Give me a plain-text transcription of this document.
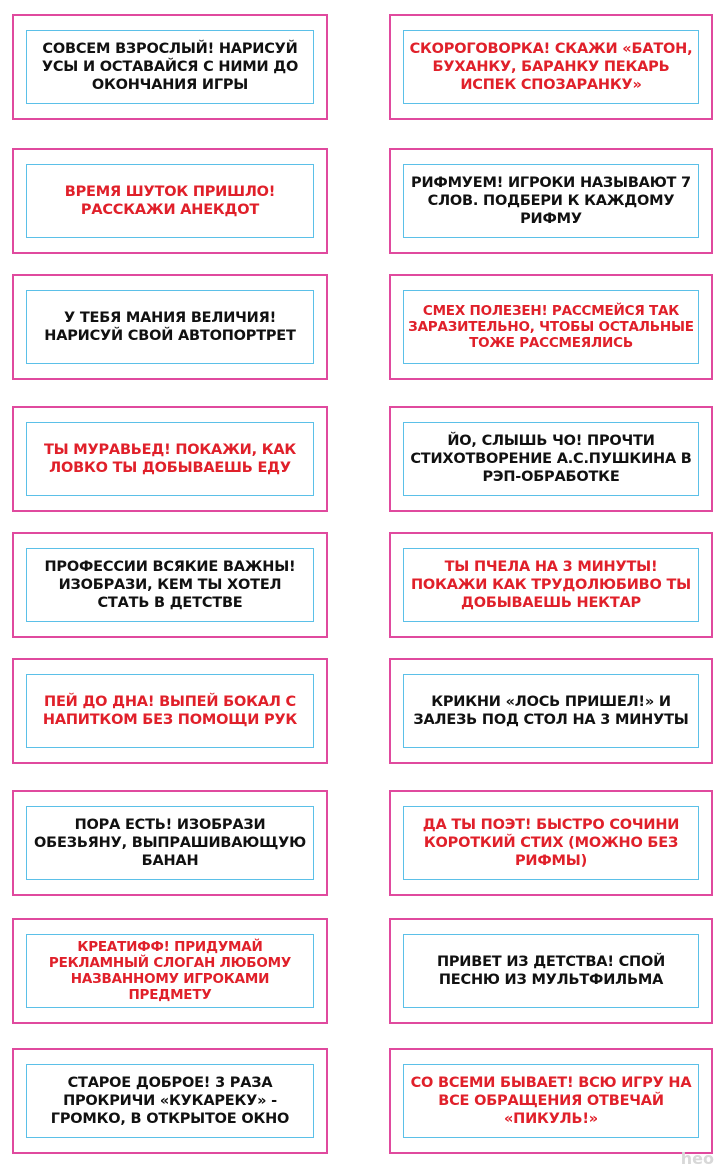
СОВСЕМ ВЗРОСЛЫЙ! НАРИСУЙ УСЫ И ОСТАВАЙСЯ С НИМИ ДО ОКОНЧАНИЯ ИГРЫ
СКОРОГОВОРКА! СКАЖИ «БАТОН, БУХАНКУ, БАРАНКУ ПЕКАРЬ ИСПЕК СПОЗАРАНКУ»
ВРЕМЯ ШУТОК ПРИШЛО! РАССКАЖИ АНЕКДОТ
РИФМУЕМ! ИГРОКИ НАЗЫВАЮТ 7 СЛОВ. ПОДБЕРИ К КАЖДОМУ РИФМУ
У ТЕБЯ МАНИЯ ВЕЛИЧИЯ! НАРИСУЙ СВОЙ АВТОПОРТРЕТ
СМЕХ ПОЛЕЗЕН! РАССМЕЙСЯ ТАК ЗАРАЗИТЕЛЬНО, ЧТОБЫ ОСТАЛЬНЫЕ ТОЖЕ РАССМЕЯЛИСЬ
ТЫ МУРАВЬЕД! ПОКАЖИ, КАК ЛОВКО ТЫ ДОБЫВАЕШЬ ЕДУ
ЙО, СЛЫШЬ ЧО! ПРОЧТИ СТИХОТВОРЕНИЕ А.С.ПУШКИНА В РЭП-ОБРАБОТКЕ
ПРОФЕССИИ ВСЯКИЕ ВАЖНЫ! ИЗОБРАЗИ, КЕМ ТЫ ХОТЕЛ СТАТЬ В ДЕТСТВЕ
ТЫ ПЧЕЛА НА 3 МИНУТЫ! ПОКАЖИ КАК ТРУДОЛЮБИВО ТЫ ДОБЫВАЕШЬ НЕКТАР
ПЕЙ ДО ДНА! ВЫПЕЙ БОКАЛ С НАПИТКОМ БЕЗ ПОМОЩИ РУК
КРИКНИ «ЛОСЬ ПРИШЕЛ!» И ЗАЛЕЗЬ ПОД СТОЛ НА 3 МИНУТЫ
ПОРА ЕСТЬ! ИЗОБРАЗИ ОБЕЗЬЯНУ, ВЫПРАШИВАЮЩУЮ БАНАН
ДА ТЫ ПОЭТ! БЫСТРО СОЧИНИ КОРОТКИЙ СТИХ (МОЖНО БЕЗ РИФМЫ)
КРЕАТИФФ! ПРИДУМАЙ РЕКЛАМНЫЙ СЛОГАН ЛЮБОМУ НАЗВАННОМУ ИГРОКАМИ ПРЕДМЕТУ
ПРИВЕТ ИЗ ДЕТСТВА! СПОЙ ПЕСНЮ ИЗ МУЛЬТФИЛЬМА
СТАРОЕ ДОБРОЕ! 3 РАЗА ПРОКРИЧИ «КУКАРЕКУ» - ГРОМКО, В ОТКРЫТОЕ ОКНО
СО ВСЕМИ БЫВАЕТ! ВСЮ ИГРУ НА ВСЕ ОБРАЩЕНИЯ ОТВЕЧАЙ «ПИКУЛЬ!»
heo
